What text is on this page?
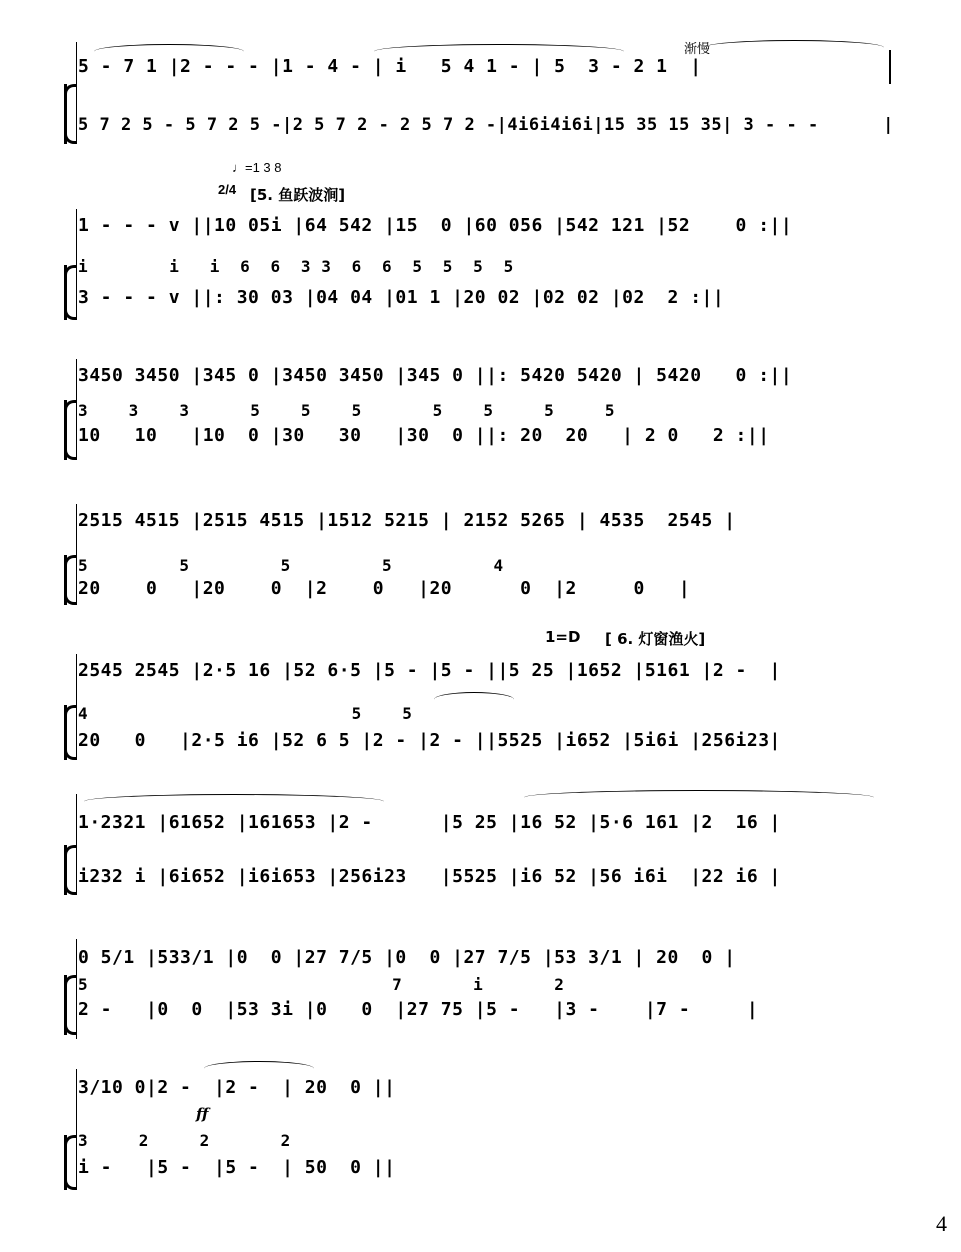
渐慢
5 - 7 1 |2 - - - |1 - 4 - | i   5 4 1 - | 5  3 - 2 1  |
5 7 2 5 - 5 7 2 5 -|2 5 7 2 - 2 5 7 2 -|4i6i4i6i|15 35 15 35| 3 - - -      |
♩=1 3 8
2/4 [5. 鱼跃波涧]
1 - - - v ||10 05i |64 542 |15  0 |60 056 |542 121 |52    0 :||
i        i   i  6  6  3 3  6  6  5  5  5  5
3 - - - v ||: 30 03 |04 04 |01 1 |20 02 |02 02 |02  2 :||
3450 3450 |345 0 |3450 3450 |345 0 ||: 5420 5420 | 5420   0 :||
3    3    3      5    5    5       5    5     5     5
10   10   |10  0 |30   30   |30  0 ||: 20  20   | 2 0   2 :||
2515 4515 |2515 4515 |1512 5215 | 2152 5265 | 4535  2545 |
5         5         5         5          4
20    0   |20    0  |2    0   |20      0  |2     0   |
1=D [ 6. 灯窗渔火]
2545 2545 |2·5 16 |52 6·5 |5 - |5 - ||5 25 |1652 |5161 |2 -  |
4                          5    5
20   0   |2·5 i6 |52 6 5 |2 - |2 - ||5525 |i652 |5i6i |256i23|
1·2321 |61652 |161653 |2 -      |5 25 |16 52 |5·6 161 |2  16 |
i232 i |6i652 |i6i653 |256i23   |5525 |i6 52 |56 i6i  |22 i6 |
0 5/1 |533/1 |0  0 |27 7/5 |0  0 |27 7/5 |53 3/1 | 20  0 |
5                              7       i       2
2 -   |0  0  |53 3i |0   0  |27 75 |5 -   |3 -    |7 -     |
3/10 0|2 -  |2 -  | 20  0 ||
ff
3     2     2       2
i -   |5 -  |5 -  | 50  0 ||
4
